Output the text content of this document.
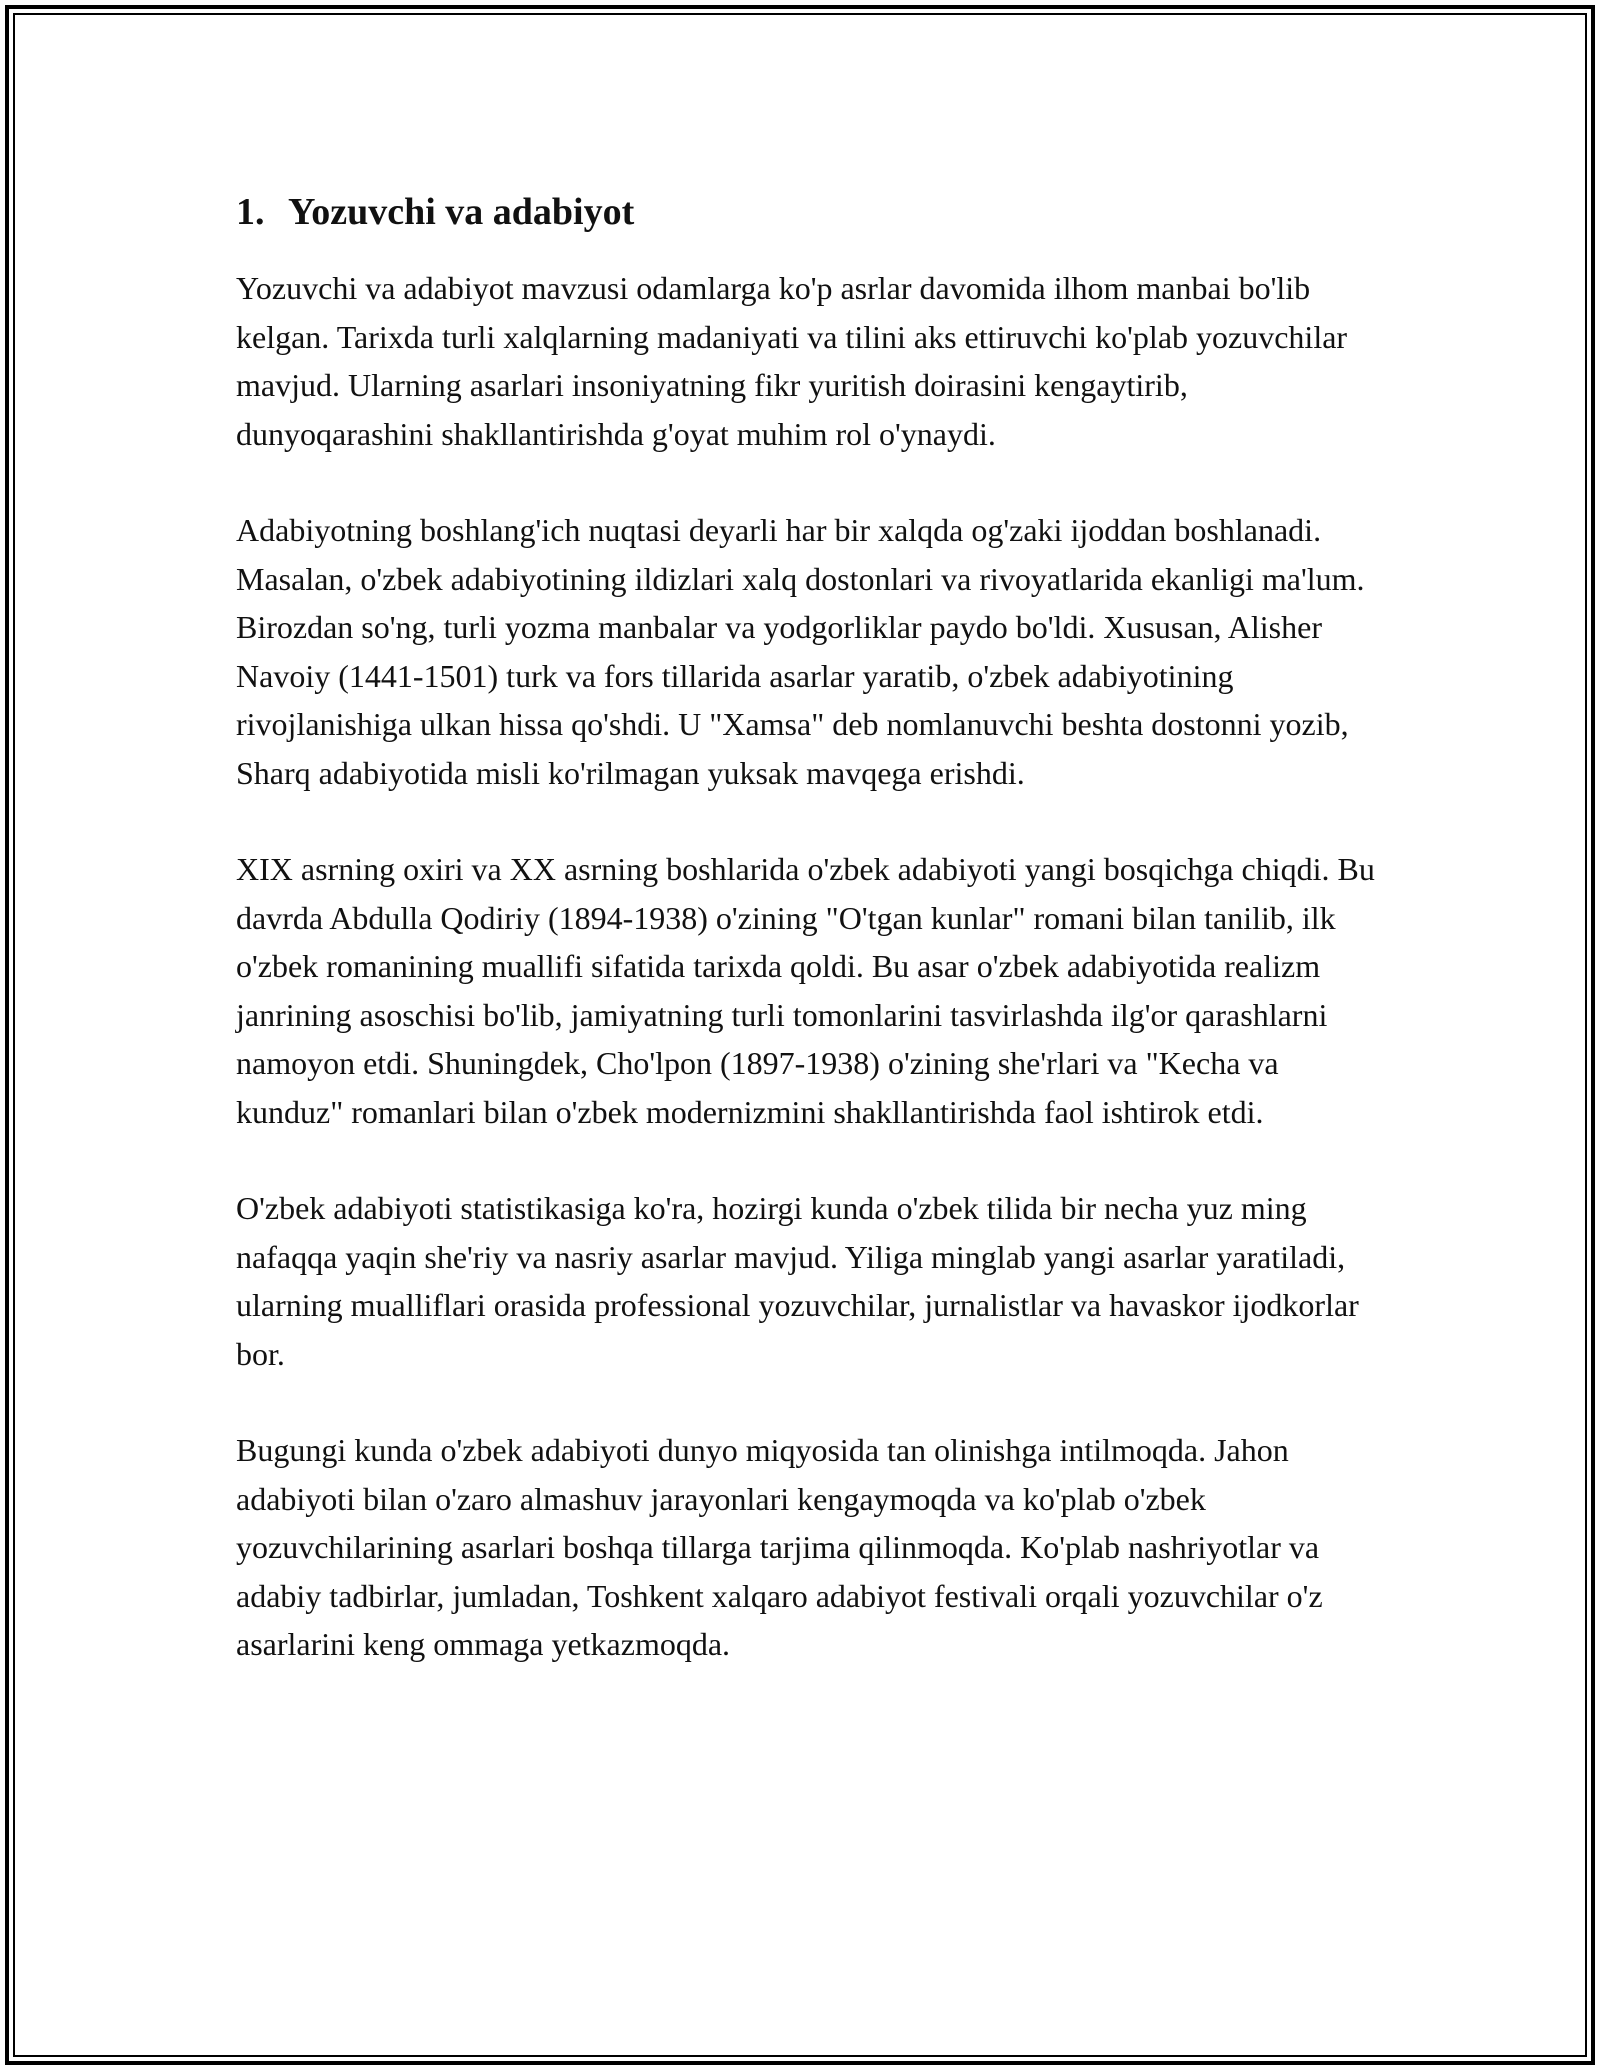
1. Yozuvchi va adabiyot

Yozuvchi va adabiyot mavzusi odamlarga ko'p asrlar davomida ilhom manbai bo'lib kelgan. Tarixda turli xalqlarning madaniyati va tilini aks ettiruvchi ko'plab yozuvchilar mavjud. Ularning asarlari insoniyatning fikr yuritish doirasini kengaytirib, dunyoqarashini shakllantirishda g'oyat muhim rol o'ynaydi.

Adabiyotning boshlang'ich nuqtasi deyarli har bir xalqda og'zaki ijoddan boshlanadi. Masalan, o'zbek adabiyotining ildizlari xalq dostonlari va rivoyatlarida ekanligi ma'lum. Birozdan so'ng, turli yozma manbalar va yodgorliklar paydo bo'ldi. Xususan, Alisher Navoiy (1441-1501) turk va fors tillarida asarlar yaratib, o'zbek adabiyotining rivojlanishiga ulkan hissa qo'shdi. U "Xamsa" deb nomlanuvchi beshta dostonni yozib, Sharq adabiyotida misli ko'rilmagan yuksak mavqega erishdi.

XIX asrning oxiri va XX asrning boshlarida o'zbek adabiyoti yangi bosqichga chiqdi. Bu davrda Abdulla Qodiriy (1894-1938) o'zining "O'tgan kunlar" romani bilan tanilib, ilk o'zbek romanining muallifi sifatida tarixda qoldi. Bu asar o'zbek adabiyotida realizm janrining asoschisi bo'lib, jamiyatning turli tomonlarini tasvirlashda ilg'or qarashlarni namoyon etdi. Shuningdek, Cho'lpon (1897-1938) o'zining she'rlari va "Kecha va kunduz" romanlari bilan o'zbek modernizmini shakllantirishda faol ishtirok etdi.

O'zbek adabiyoti statistikasiga ko'ra, hozirgi kunda o'zbek tilida bir necha yuz ming nafaqqa yaqin she'riy va nasriy asarlar mavjud. Yiliga minglab yangi asarlar yaratiladi, ularning mualliflari orasida professional yozuvchilar, jurnalistlar va havaskor ijodkorlar bor.

Bugungi kunda o'zbek adabiyoti dunyo miqyosida tan olinishga intilmoqda. Jahon adabiyoti bilan o'zaro almashuv jarayonlari kengaymoqda va ko'plab o'zbek yozuvchilarining asarlari boshqa tillarga tarjima qilinmoqda. Ko'plab nashriyotlar va adabiy tadbirlar, jumladan, Toshkent xalqaro adabiyot festivali orqali yozuvchilar o'z asarlarini keng ommaga yetkazmoqda.
